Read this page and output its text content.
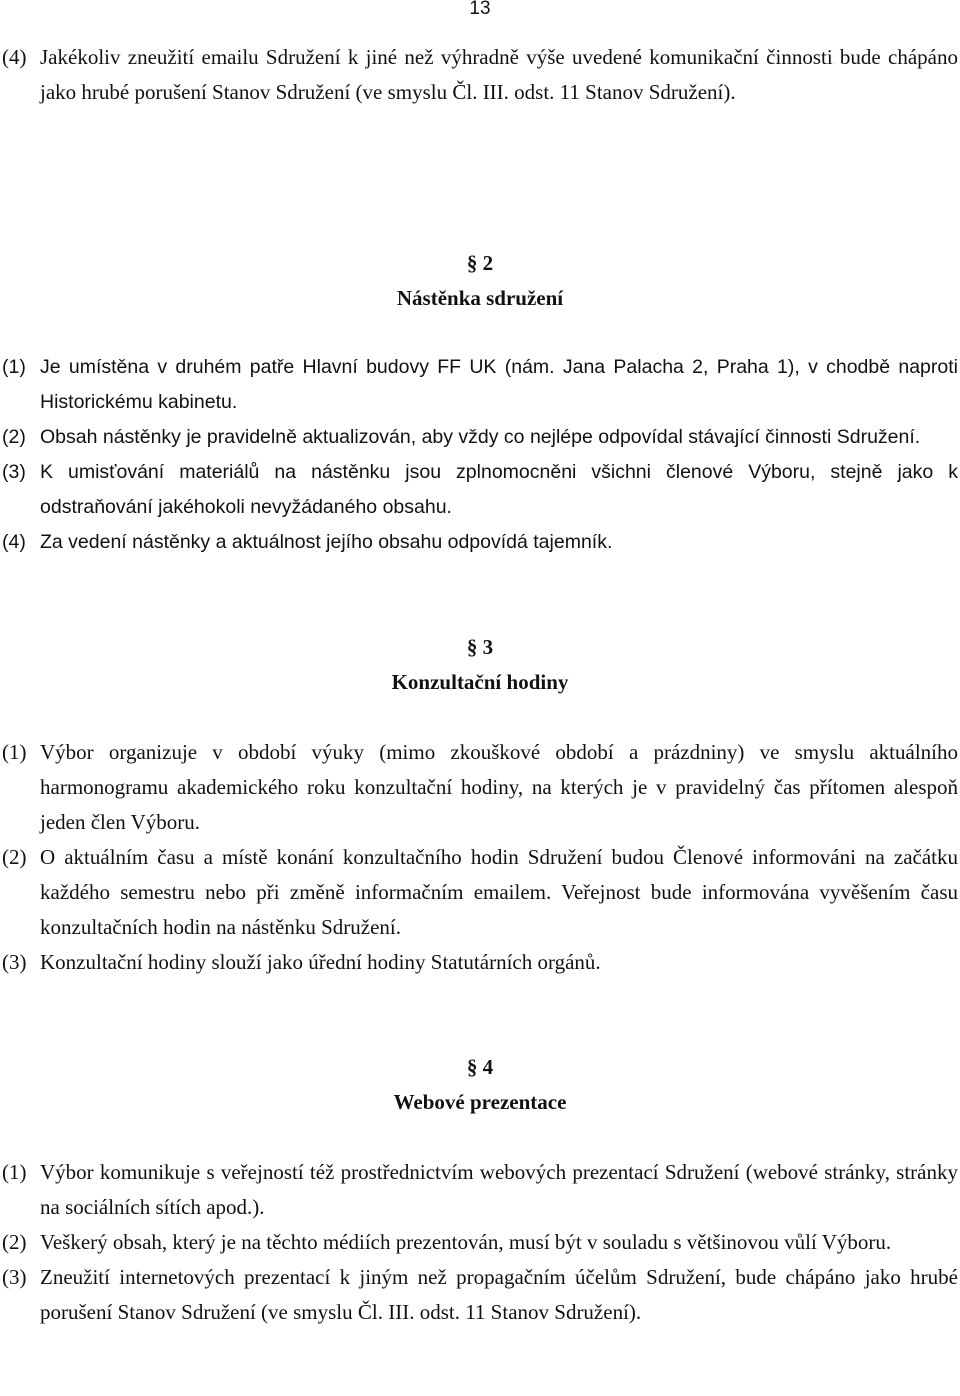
13

(4) Jakékoliv zneužití emailu Sdružení k jiné než výhradně výše uvedené komunikační činnosti bude chápáno jako hrubé porušení Stanov Sdružení (ve smyslu Čl. III. odst. 11 Stanov Sdružení).

§ 2
Nástěnka sdružení

(1) Je umístěna v druhém patře Hlavní budovy FF UK (nám. Jana Palacha 2, Praha 1), v chodbě naproti Historickému kabinetu.

(2) Obsah nástěnky je pravidelně aktualizován, aby vždy co nejlépe odpovídal stávající činnosti Sdružení.

(3) K umisťování materiálů na nástěnku jsou zplnomocněni všichni členové Výboru, stejně jako k odstraňování jakéhokoli nevyžádaného obsahu.

(4) Za vedení nástěnky a aktuálnost jejího obsahu odpovídá tajemník.

§ 3
Konzultační hodiny

(1) Výbor organizuje v období výuky (mimo zkouškové období a prázdniny) ve smyslu aktuálního harmonogramu akademického roku konzultační hodiny, na kterých je v pravidelný čas přítomen alespoň jeden člen Výboru.

(2) O aktuálním času a místě konání konzultačního hodin Sdružení budou Členové informováni na začátku každého semestru nebo při změně informačním emailem. Veřejnost bude informována vyvěšením času konzultačních hodin na nástěnku Sdružení.

(3) Konzultační hodiny slouží jako úřední hodiny Statutárních orgánů.

§ 4
Webové prezentace

(1) Výbor komunikuje s veřejností též prostřednictvím webových prezentací Sdružení (webové stránky, stránky na sociálních sítích apod.).

(2) Veškerý obsah, který je na těchto médiích prezentován, musí být v souladu s většinovou vůlí Výboru.

(3) Zneužití internetových prezentací k jiným než propagačním účelům Sdružení, bude chápáno jako hrubé porušení Stanov Sdružení (ve smyslu Čl. III. odst. 11 Stanov Sdružení).
